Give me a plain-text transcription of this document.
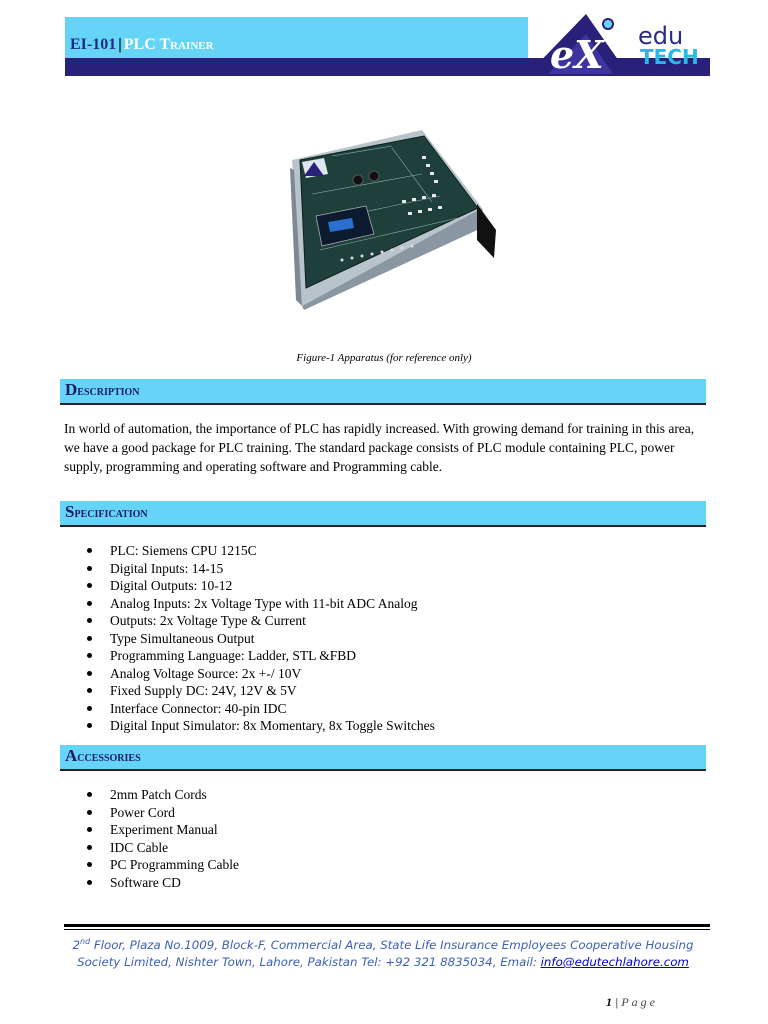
EI-101 | PLC Trainer	eX edu
TECH
LAHORE
Figure-1 Apparatus (for reference only)
Description

In world of automation, the importance of PLC has rapidly increased. With growing demand for training in this area, we have a good package for PLC training. The standard package consists of PLC module containing PLC, power supply, programming and operating software and Programming cable.

Specification
PLC: Siemens CPU 1215C
Digital Inputs: 14-15
Digital Outputs: 10-12
Analog Inputs: 2x Voltage Type with 11-bit ADC Analog
Outputs: 2x Voltage Type & Current
Type Simultaneous Output
Programming Language: Ladder, STL &FBD
Analog Voltage Source: 2x +-/ 10V
Fixed Supply DC: 24V, 12V & 5V
Interface Connector: 40-pin IDC
Digital Input Simulator: 8x Momentary, 8x Toggle Switches
Accessories
2mm Patch Cords
Power Cord
Experiment Manual
IDC Cable
PC Programming Cable
Software CD
2nd Floor, Plaza No.1009, Block-F, Commercial Area, State Life Insurance Employees Cooperative Housing Society Limited, Nishter Town, Lahore, Pakistan Tel: +92 321 8835034, Email: info@edutechlahore.com
1 | Page
